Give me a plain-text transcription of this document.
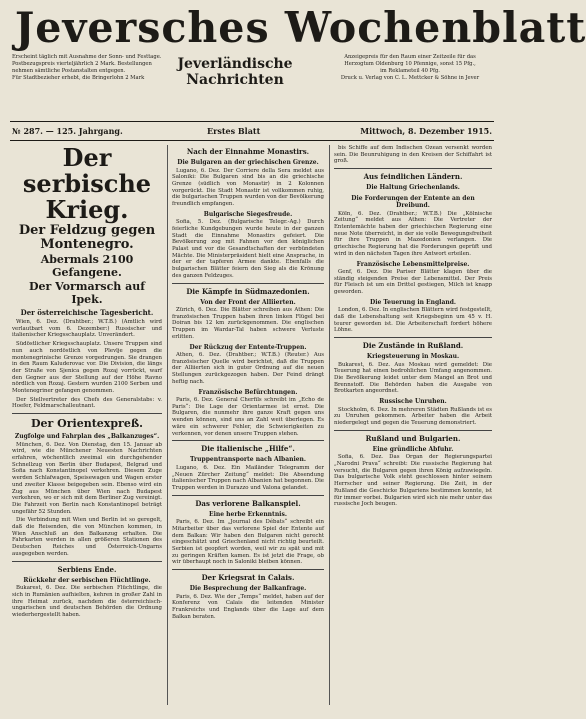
Jeversches Wochenblatt

Erscheint täglich mit Ausnahme der Sonn- und Festtage.

Postbezugspreis vierteljährlich 2 Mark. Bestellungen

nehmen sämtliche Postanstalten entgegen.

Für Stadtbezieher erhebt, die Bringerlohn 2 Mark

Jeverländische
Nachrichten

Anzeigepreis für den Raum einer Zeitzeile für das

Herzogtum Oldenburg 10 Pfennige, sonst 15 Pfg.,

im Reklameteil 40 Pfg.

Druck u. Verlag von C. L. Mettcker & Söhne in Jever

№ 287. — 125. Jahrgang.	Erstes Blatt	Mittwoch, 8. Dezember 1915.
Der serbische Krieg.
Der Feldzug gegen Montenegro.
Abermals 2100 Gefangene.
Der Vormarsch auf Ipek.
Der österreichische Tagesbericht.

Wien, 6. Dez. (Drahtber.; W.T.B.) (Amtlich wird verlautbart vom 6. Dezember:) Russischer und italienischer Kriegsschauplatz. Unverändert.

Südöstlicher Kriegsschauplatz. Unsere Truppen sind nun auch nordöstlich von Plevlje gegen die montenegrinische Grenze vorgedrungen. Sie drangen in den Raum Kaluderovac vor. Die Division, die längs der Straße von Sjenica gegen Rozaj vorrückt, warf den Gegner aus der Stellung auf der Höhe Ravno nördlich von Rozaj. Gestern wurden 2100 Serben und Montenegriner gefangen genommen.

Der Stellvertreter des Chefs des Generalstabs: v. Hoefer, Feldmarschalleutnant.

Der Orientexpreß.
Zugfolge und Fahrplan des „Balkanzuges“.

München, 6. Dez. Von Dienstag, den 15. Januar ab wird, wie die Münchener Neuesten Nachrichten erfahren, wöchentlich zweimal ein durchgehender Schnellzug von Berlin über Budapest, Belgrad und Sofia nach Konstantinopel verkehren. Diesem Zuge werden Schlafwagen, Speisewagen und Wagen erster und zweiter Klasse beigegeben sein. Ebenso wird ein Zug aus München über Wien nach Budapest verkehren, wo er sich mit dem Berliner Zug vereinigt. Die Fahrzeit von Berlin nach Konstantinopel beträgt ungefähr 52 Stunden.

Die Verbindung mit Wien und Berlin ist so geregelt, daß die Reisenden, die von München kommen, in Wien Anschluß an den Balkanzug erhalten. Die Fahrkarten werden in allen größeren Stationen des Deutschen Reiches und Österreich-Ungarns ausgegeben werden.

Serbiens Ende.
Rückkehr der serbischen Flüchtlinge.

Bukarest, 6. Dez. Die serbischen Flüchtlinge, die sich in Rumänien aufhielten, kehren in großer Zahl in ihre Heimat zurück, nachdem die österreichisch-ungarischen und deutschen Behörden die Ordnung wiederhergestellt haben.

Nach der Einnahme Monastirs.
Die Bulgaren an der griechischen Grenze.

Lugano, 6. Dez. Der Corriere della Sera meldet aus Saloniki: Die Bulgaren sind bis an die griechische Grenze (südlich von Monastir) in 2 Kolonnen vorgerückt. Die Stadt Monastir ist vollkommen ruhig, die bulgarischen Truppen wurden von der Bevölkerung freundlich empfangen.

Bulgarische Siegesfreude.

Sofia, 5. Dez. (Bulgarische Telegr.-Ag.) Durch feierliche Kundgebungen wurde heute in der ganzen Stadt die Einnahme Monastirs gefeiert. Die Bevölkerung zog mit Fahnen vor den königlichen Palast und vor die Gesandtschaften der verbündeten Mächte. Die Ministerpräsident hielt eine Ansprache, in der er der tapferen Armee dankte. Ebenfalls die bulgarischen Blätter feiern den Sieg als die Krönung des ganzen Feldzuges.

Die Kämpfe in Südmazedonien.
Von der Front der Alliierten.

Zürich, 6. Dez. Die Blätter schreiben aus Athen: Die französischen Truppen haben ihren linken Flügel bei Doiran bis 12 km zurückgenommen. Die englischen Truppen im Wardar-Tal haben schwere Verluste erlitten.

Der Rückzug der Entente-Truppen.

Athen, 6. Dez. (Drahtber.; W.T.B.) (Reuter.) Aus französischer Quelle wird berichtet, daß die Truppen der Alliierten sich in guter Ordnung auf die neuen Stellungen zurückgezogen haben. Der Feind drängt heftig nach.

Französische Befürchtungen.

Paris, 6. Dez. General Cherfils schreibt im „Echo de Paris“: Die Lage der Orientarmee ist ernst. Die Bulgaren, die nunmehr ihre ganze Kraft gegen uns wenden können, sind uns an Zahl weit überlegen. Es wäre ein schwerer Fehler, die Schwierigkeiten zu verkennen, vor denen unsere Truppen stehen.

Die italienische „Hilfe“.
Truppentransporte nach Albanien.

Lugano, 6. Dez. Ein Mailänder Telegramm der „Neuen Zürcher Zeitung“ meldet: Die Absendung italienischer Truppen nach Albanien hat begonnen. Die Truppen werden in Durazzo und Valona gelandet.

Das verlorene Balkanspiel.
Eine herbe Erkenntnis.

Paris, 6. Dez. Im „Journal des Débats“ schreibt ein Mitarbeiter über das verlorene Spiel der Entente auf dem Balkan: Wir haben den Bulgaren nicht gerecht eingeschätzt und Griechenland nicht richtig beurteilt. Serbien ist geopfert worden, weil wir zu spät und mit zu geringen Kräften kamen. Es ist jetzt die Frage, ob wir überhaupt noch in Saloniki bleiben können.

Der Kriegsrat in Calais.
Die Besprechung der Balkanfrage.

Paris, 6. Dez. Wie der „Temps“ meldet, haben auf der Konferenz von Calais die leitenden Minister Frankreichs und Englands über die Lage auf dem Balkan beraten.

bis Schiffe auf dem Indischen Ozean versenkt worden sein. Die Beunruhigung in den Kreisen der Schiffahrt ist groß.

Aus feindlichen Ländern.
Die Haltung Griechenlands.
Die Forderungen der Entente an den Dreibund.

Köln, 6. Dez. (Drahtber.; W.T.B.) Die „Kölnische Zeitung“ meldet aus Athen: Die Vertreter der Ententemächte haben der griechischen Regierung eine neue Note überreicht, in der sie volle Bewegungsfreiheit für ihre Truppen in Mazedonien verlangen. Die griechische Regierung hat die Forderungen geprüft und wird in den nächsten Tagen ihre Antwort erteilen.

Französische Lebensmittelpreise.

Genf, 6. Dez. Die Pariser Blätter klagen über die ständig steigenden Preise der Lebensmittel. Der Preis für Fleisch ist um ein Drittel gestiegen, Milch ist knapp geworden.

Die Teuerung in England.

London, 6. Dez. In englischen Blättern wird festgestellt, daß die Lebenshaltung seit Kriegsbeginn um 45 v. H. teurer geworden ist. Die Arbeiterschaft fordert höhere Löhne.

Die Zustände in Rußland.
Kriegsteuerung in Moskau.

Bukarest, 6. Dez. Aus Moskau wird gemeldet: Die Teuerung hat einen bedrohlichen Umfang angenommen. Die Bevölkerung leidet unter dem Mangel an Brot und Brennstoff. Die Behörden haben die Ausgabe von Brotkarten angeordnet.

Russische Unruhen.

Stockholm, 6. Dez. In mehreren Städten Rußlands ist es zu Unruhen gekommen. Arbeiter haben die Arbeit niedergelegt und gegen die Teuerung demonstriert.

Rußland und Bulgarien.
Eine gründliche Abfuhr.

Sofia, 6. Dez. Das Organ der Regierungspartei „Narodni Prava“ schreibt: Die russische Regierung hat versucht, die Bulgaren gegen ihren König aufzuwiegeln. Das bulgarische Volk steht geschlossen hinter seinem Herrscher und seiner Regierung. Die Zeit, in der Rußland die Geschicke Bulgariens bestimmen konnte, ist für immer vorbei. Bulgarien wird sich nie mehr unter das russische Joch beugen.
